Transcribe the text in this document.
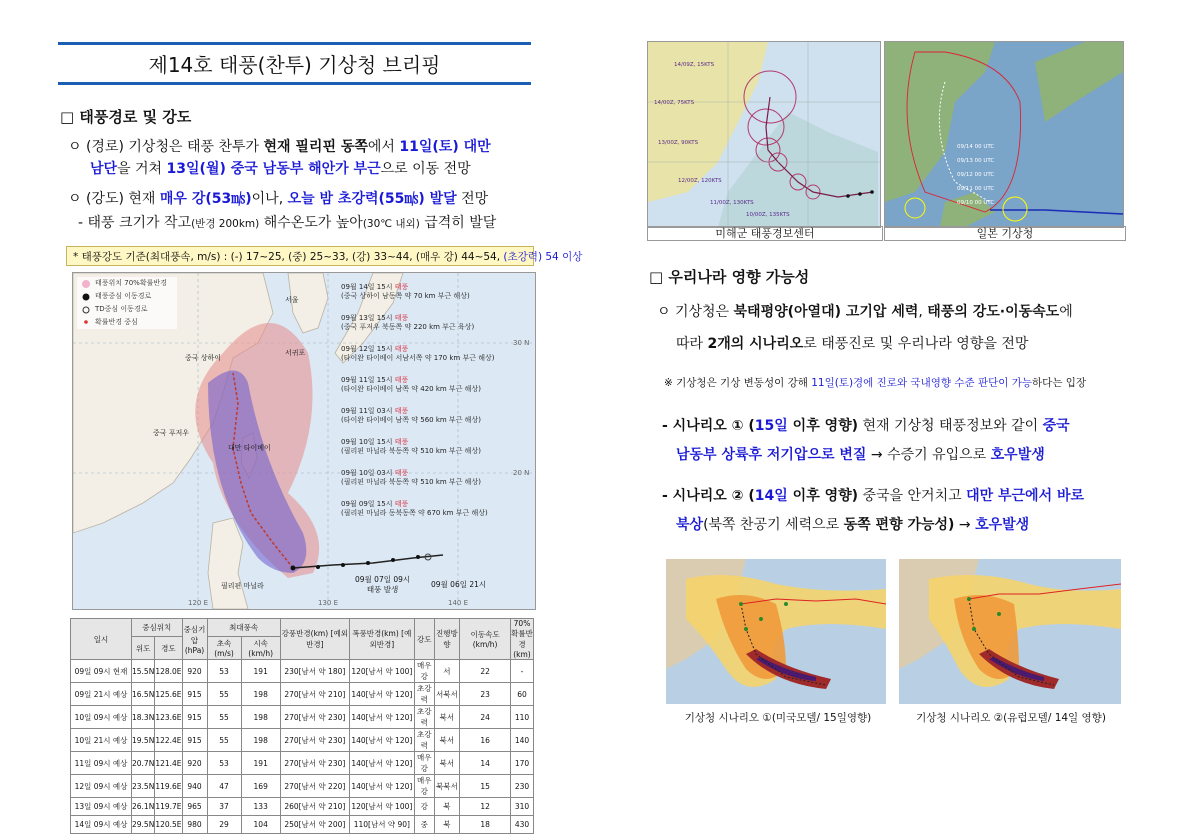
제14호 태풍(찬투) 기상청 브리핑
□ 태풍경로 및 강도
ㅇ (경로) 기상청은 태풍 찬투가 현재 필리핀 동쪽에서 11일(토) 대만
남단을 거쳐 13일(월) 중국 남동부 해안가 부근으로 이동 전망
ㅇ (강도) 현재 매우 강(53㎧)이나, 오늘 밤 초강력(55㎧) 발달 전망
- 태풍 크기가 작고(반경 200km) 해수온도가 높아(30℃ 내외) 급격히 발달
* 태풍강도 기준(최대풍속, m/s) : (-) 17~25, (중) 25~33, (강) 33~44, (매우 강) 44~54, (초강력) 54 이상
태풍위치 70%확률반경
태풍중심 이동경로
TD중심 이동경로
확률반경 중심
서울
중국 상하이
서귀포
중국 푸저우
대만 타이베이
필리핀 마닐라
30 N
20 N
120 E	130 E	140 E
09월 14일 15시 태풍
(중국 상하이 남동쪽 약 70 km 부근 해상)
09월 13일 15시 태풍
(중국 푸저우 북동쪽 약 220 km 부근 육상)
09월 12일 15시 태풍
(타이완 타이베이 서남서쪽 약 170 km 부근 해상)
09월 11일 15시 태풍
(타이완 타이베이 남쪽 약 420 km 부근 해상)
09월 11일 03시 태풍
(타이완 타이베이 남쪽 약 560 km 부근 해상)
09월 10일 15시 태풍
(필리핀 마닐라 북동쪽 약 510 km 부근 해상)
09월 10일 03시 태풍
(필리핀 마닐라 북동쪽 약 510 km 부근 해상)
09월 09일 15시 태풍
(필리핀 마닐라 동북동쪽 약 670 km 부근 해상)
09월 07일 09시
태풍 발생
09월 06일 21시
일시	중심위치		중심기압 (hPa)	최대풍속		강풍반경(km) [예외반경]	폭풍반경(km) [예외반경]	강도	진행방향	이동속도 (km/h)	70% 확률반경 (km)
	위도	경도		초속 (m/s)	시속 (km/h)						
09일 09시 현재	15.5N	128.0E	920	53	191	230[남서 약 180]	120[남서 약 100]	매우강	서	22	-
09일 21시 예상	16.5N	125.6E	915	55	198	270[남서 약 210]	140[남서 약 120]	초강력	서북서	23	60
10일 09시 예상	18.3N	123.6E	915	55	198	270[남서 약 230]	140[남서 약 120]	초강력	북서	24	110
10일 21시 예상	19.5N	122.4E	915	55	198	270[남서 약 230]	140[남서 약 120]	초강력	북서	16	140
11일 09시 예상	20.7N	121.4E	920	53	191	270[남서 약 230]	140[남서 약 120]	매우강	북서	14	170
12일 09시 예상	23.5N	119.6E	940	47	169	270[남서 약 220]	140[남서 약 120]	매우강	북북서	15	230
13일 09시 예상	26.1N	119.7E	965	37	133	260[남서 약 210]	120[남서 약 100]	강	북	12	310
14일 09시 예상	29.5N	120.5E	980	29	104	250[남서 약 200]	110[남서 약 90]	중	북	18	430
14/09Z, 15KTS
14/00Z, 75KTS
13/00Z, 90KTS
12/00Z, 120KTS
11/00Z, 130KTS
10/00Z, 135KTS
09/14 00 UTC
09/13 00 UTC
09/12 00 UTC
09/11 00 UTC
09/10 00 UTC
미해군 태풍경보센터	일본 기상청
□ 우리나라 영향 가능성
ㅇ 기상청은 북태평양(아열대) 고기압 세력, 태풍의 강도·이동속도에
따라 2개의 시나리오로 태풍진로 및 우리나라 영향을 전망
※ 기상청은 기상 변동성이 강해 11일(토)경에 진로와 국내영향 수준 판단이 가능하다는 입장
- 시나리오 ① (15일 이후 영향) 현재 기상청 태풍정보와 같이 중국
남동부 상륙후 저기압으로 변질 → 수증기 유입으로 호우발생
- 시나리오 ② (14일 이후 영향) 중국을 안거치고 대만 부근에서 바로
북상(북쪽 찬공기 세력으로 동쪽 편향 가능성) → 호우발생
기상청 시나리오 ①(미국모델/ 15일영향)	기상청 시나리오 ②(유럽모델/ 14일 영향)
